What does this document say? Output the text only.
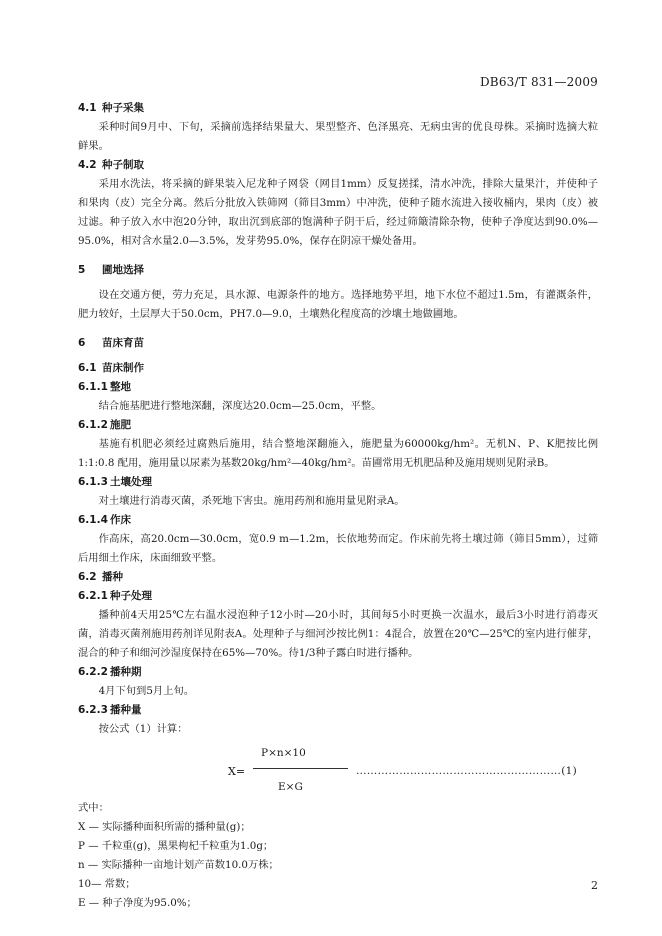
DB63/T 831—2009
4.1 种子采集

采种时间9月中、下旬，采摘前选择结果量大、果型整齐、色泽黑亮、无病虫害的优良母株。采摘时选摘大粒鲜果。

4.2 种子制取

采用水洗法，将采摘的鲜果装入尼龙种子网袋（网目1mm）反复搓揉，清水冲洗，排除大量果汁，并使种子和果肉（皮）完全分离。然后分批放入铁筛网（筛目3mm）中冲洗，使种子随水流进入接收桶内，果肉（皮）被过滤。种子放入水中泡20分钟，取出沉到底部的饱满种子阴干后，经过筛簸清除杂物，使种子净度达到90.0%—95.0%，相对含水量2.0—3.5%，发芽势95.0%，保存在阴凉干燥处备用。

5 圃地选择

设在交通方便，劳力充足，具水源、电源条件的地方。选择地势平坦，地下水位不超过1.5m，有灌溉条件，肥力较好，土层厚大于50.0cm，PH7.0—9.0，土壤熟化程度高的沙壤土地做圃地。

6 苗床育苗
6.1 苗床制作
6.1.1 整地

结合施基肥进行整地深翻，深度达20.0cm—25.0cm，平整。

6.1.2 施肥

基施有机肥必须经过腐熟后施用，结合整地深翻施入，施肥量为60000kg/hm²。无机N、P、K肥按比例1:1:0.8 配用，施用量以尿素为基数20kg/hm²—40kg/hm²。苗圃常用无机肥品种及施用规则见附录B。

6.1.3 土壤处理

对土壤进行消毒灭菌，杀死地下害虫。施用药剂和施用量见附录A。

6.1.4 作床

作高床，高20.0cm—30.0cm，宽0.9 m—1.2m，长依地势而定。作床前先将土壤过筛（筛目5mm），过筛后用细土作床，床面细致平整。

6.2 播种
6.2.1 种子处理

播种前4天用25℃左右温水浸泡种子12小时—20小时，其间每5小时更换一次温水，最后3小时进行消毒灭菌，消毒灭菌剂施用药剂详见附表A。处理种子与细河沙按比例1：4混合，放置在20℃—25℃的室内进行催芽，混合的种子和细河沙湿度保持在65%—70%。待1/3种子露白时进行播种。

6.2.2 播种期

4月下旬到5月上旬。

6.2.3 播种量

按公式（1）计算：

X=
P×n×10
E×G
…………………………………………………(1)

式中：

X — 实际播种面积所需的播种量(g)；

P — 千粒重(g)，黑果枸杞千粒重为1.0g；

n — 实际播种一亩地计划产苗数10.0万株；

10— 常数；

E — 种子净度为95.0%；

2
